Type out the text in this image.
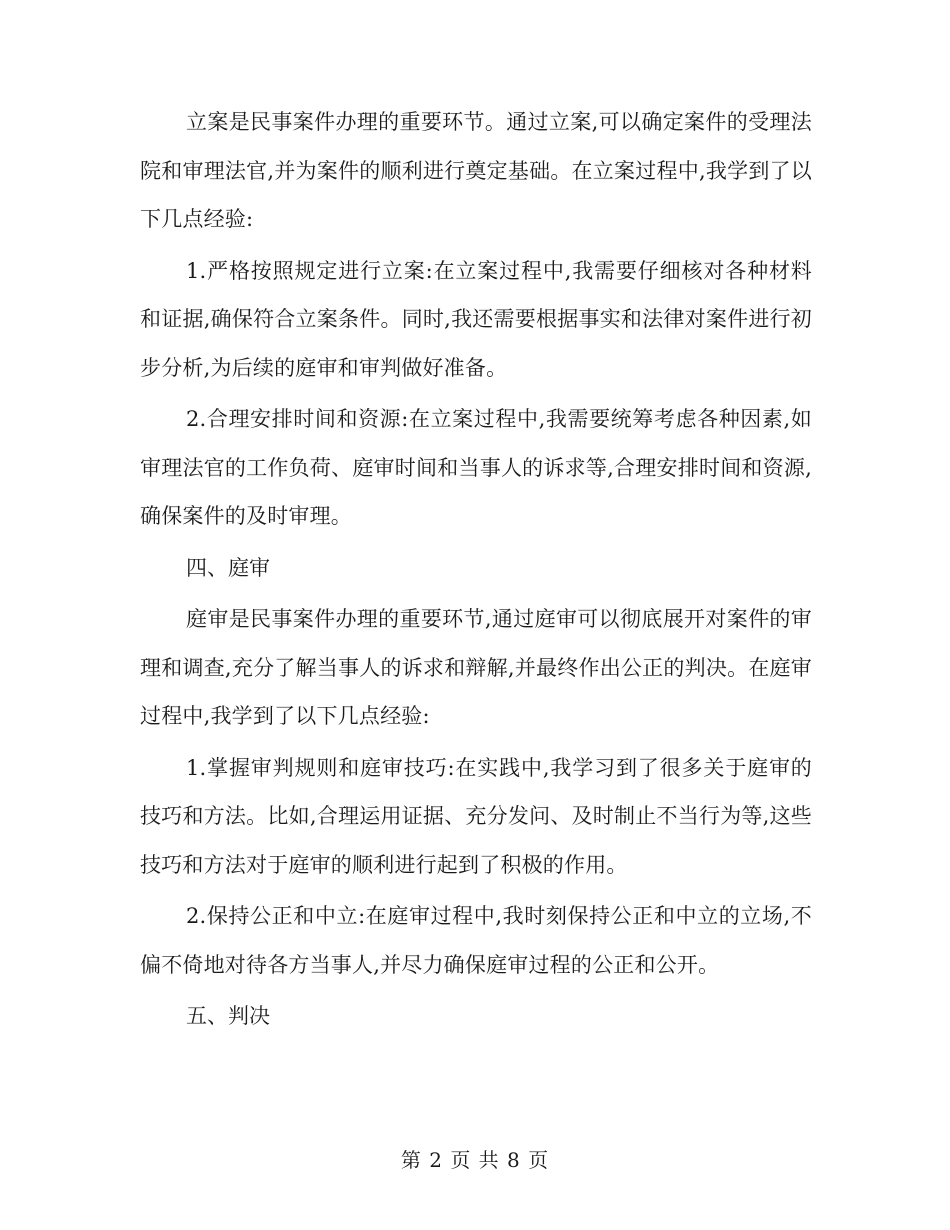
立案是民事案件办理的重要环节。通过立案,可以确定案件的受理法院和审理法官,并为案件的顺利进行奠定基础。在立案过程中,我学到了以下几点经验:

1.严格按照规定进行立案:在立案过程中,我需要仔细核对各种材料和证据,确保符合立案条件。同时,我还需要根据事实和法律对案件进行初步分析,为后续的庭审和审判做好准备。

2.合理安排时间和资源:在立案过程中,我需要统筹考虑各种因素,如审理法官的工作负荷、庭审时间和当事人的诉求等,合理安排时间和资源,确保案件的及时审理。

四、庭审

庭审是民事案件办理的重要环节,通过庭审可以彻底展开对案件的审理和调查,充分了解当事人的诉求和辩解,并最终作出公正的判决。在庭审过程中,我学到了以下几点经验:

1.掌握审判规则和庭审技巧:在实践中,我学习到了很多关于庭审的技巧和方法。比如,合理运用证据、充分发问、及时制止不当行为等,这些技巧和方法对于庭审的顺利进行起到了积极的作用。

2.保持公正和中立:在庭审过程中,我时刻保持公正和中立的立场,不偏不倚地对待各方当事人,并尽力确保庭审过程的公正和公开。

五、判决

第 2 页 共 8 页
